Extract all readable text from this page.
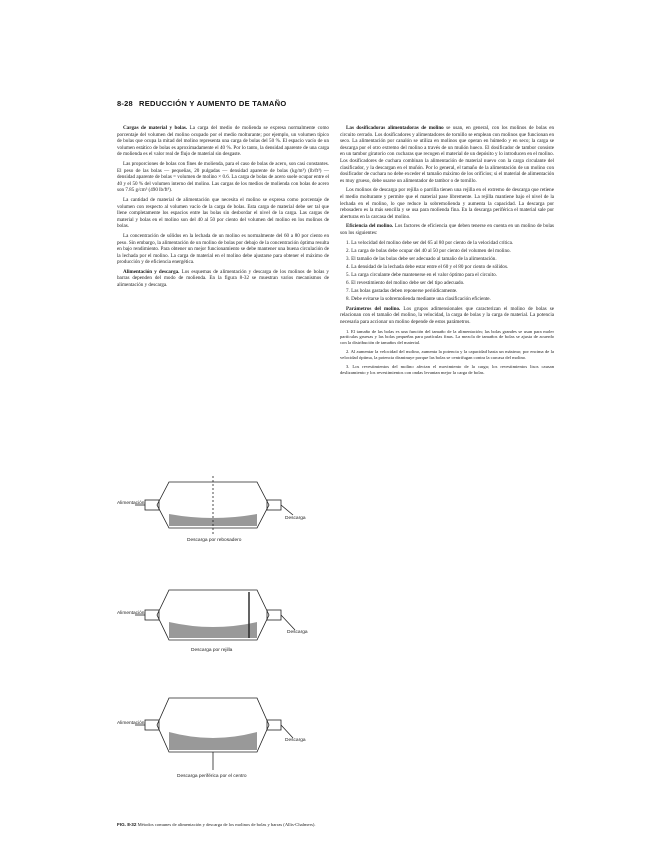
8-28 REDUCCIÓN Y AUMENTO DE TAMAÑO

Cargas de material y bolas. La carga del medio de molienda se expresa normalmente como porcentaje del volumen del molino ocupado por el medio molturante; por ejemplo, un volumen típico de bolas que ocupa la mitad del molino representa una carga de bolas del 50 %. El espacio vacío de un volumen estático de bolas es aproximadamente el 40 %. Por lo tanto, la densidad aparente de una carga de molienda es el valor real de flujo de material sin desgaste.

Las proporciones de bolas con fines de molienda, para el caso de bolas de acero, son casi constantes. El peso de las bolas — pequeñas, 20 pulgadas — densidad aparente de bolas (kg/m³) (lb/ft³) — densidad aparente de bolas = volumen de molino × 0.6. La carga de bolas de acero suele ocupar entre el 40 y el 50 % del volumen interno del molino. Las cargas de los medios de molienda con bolas de acero son 7.85 g/cm³ (490 lb/ft³).

La cantidad de material de alimentación que necesita el molino se expresa como porcentaje de volumen con respecto al volumen vacío de la carga de bolas. Esta carga de material debe ser tal que llene completamente los espacios entre las bolas sin desbordar el nivel de la carga. Las cargas de material y bolas en el molino son del 40 al 50 por ciento del volumen del molino en los molinos de bolas.

La concentración de sólidos en la lechada de un molino es normalmente del 60 a 80 por ciento en peso. Sin embargo, la alimentación de un molino de bolas por debajo de la concentración óptima resulta en bajo rendimiento. Para obtener un mejor funcionamiento se debe mantener una buena circulación de la lechada por el molino. La carga de material en el molino debe ajustarse para obtener el máximo de producción y de eficiencia energética.

Alimentación y descarga. Los esquemas de alimentación y descarga de los molinos de bolas y barras dependen del modo de molienda. En la figura 8-32 se muestran varios mecanismos de alimentación y descarga.

Alimentación
Descarga
Descarga por rebosadero
Alimentación
Descarga
Descarga por rejilla
Alimentación
Descarga
Descarga periférica por el centro
FIG. 8-32 Métodos comunes de alimentación y descarga de los molinos de bolas y barras (Allis-Chalmers).

Las dosificadoras alimentadoras de molino se usan, en general, con los molinos de bolas en circuito cerrado. Los dosificadores y alimentadores de tornillo se emplean con molinos que funcionan en seco. La alimentación por canalón se utiliza en molinos que operan en húmedo y en seco; la carga se descarga por el otro extremo del molino a través de un muñón hueco. El dosificador de tambor consiste en un tambor giratorio con cucharas que recogen el material de un depósito y lo introducen en el molino. Los dosificadores de cuchara combinan la alimentación de material nuevo con la carga circulante del clasificador, y la descargan en el muñón. Por lo general, el tamaño de la alimentación de un molino con dosificador de cuchara no debe exceder el tamaño máximo de los orificios; si el material de alimentación es muy grueso, debe usarse un alimentador de tambor o de tornillo.

Los molinos de descarga por rejilla o parrilla tienen una rejilla en el extremo de descarga que retiene el medio molturante y permite que el material pase libremente. La rejilla mantiene bajo el nivel de la lechada en el molino, lo que reduce la sobremolienda y aumenta la capacidad. La descarga por rebosadero es la más sencilla y se usa para molienda fina. En la descarga periférica el material sale por aberturas en la carcasa del molino.

Eficiencia del molino. Los factores de eficiencia que deben tenerse en cuenta en un molino de bolas son los siguientes:

1. La velocidad del molino debe ser del 65 al 80 por ciento de la velocidad crítica.
2. La carga de bolas debe ocupar del 40 al 50 por ciento del volumen del molino.
3. El tamaño de las bolas debe ser adecuado al tamaño de la alimentación.
4. La densidad de la lechada debe estar entre el 60 y el 80 por ciento de sólidos.
5. La carga circulante debe mantenerse en el valor óptimo para el circuito.
6. El revestimiento del molino debe ser del tipo adecuado.
7. Las bolas gastadas deben reponerse periódicamente.
8. Debe evitarse la sobremolienda mediante una clasificación eficiente.

Parámetros del molino. Los grupos adimensionales que caracterizan el molino de bolas se relacionan con el tamaño del molino, la velocidad, la carga de bolas y la carga de material. La potencia necesaria para accionar un molino depende de estos parámetros.

1. El tamaño de las bolas es una función del tamaño de la alimentación; las bolas grandes se usan para moler partículas gruesas y las bolas pequeñas para partículas finas. La mezcla de tamaños de bolas se ajusta de acuerdo con la distribución de tamaños del material.

2. Al aumentar la velocidad del molino, aumenta la potencia y la capacidad hasta un máximo; por encima de la velocidad óptima, la potencia disminuye porque las bolas se centrifugan contra la carcasa del molino.

3. Los revestimientos del molino afectan el movimiento de la carga; los revestimientos lisos causan deslizamiento y los revestimientos con ondas levantan mejor la carga de bolas.
